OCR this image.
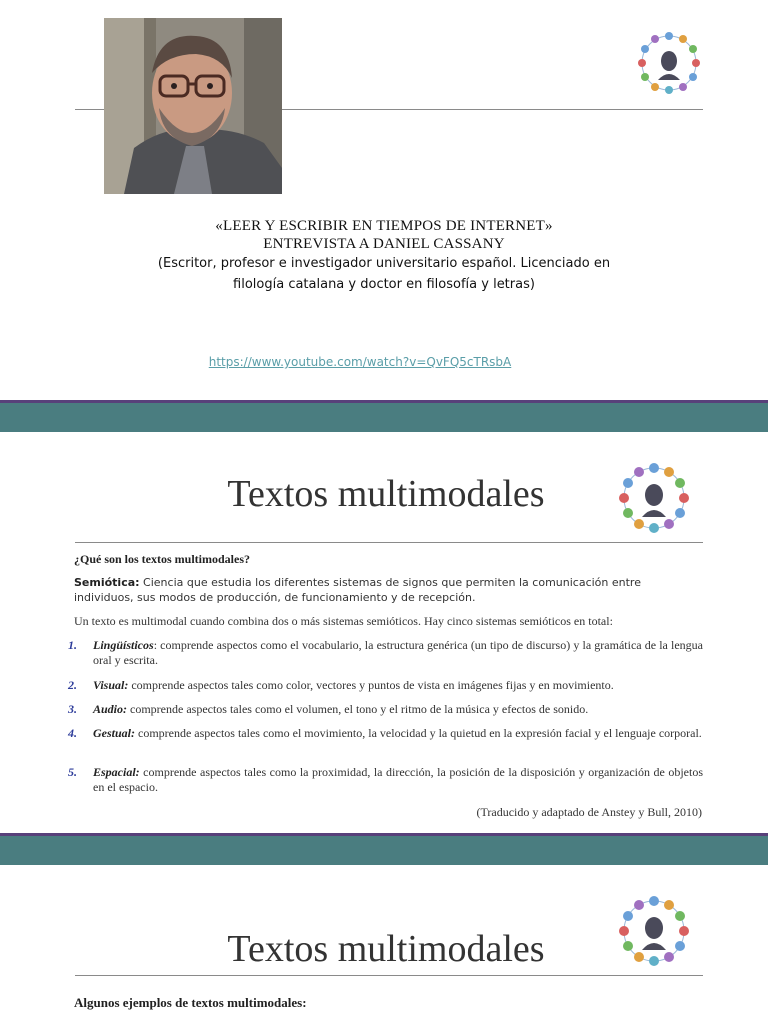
«LEER Y ESCRIBIR EN TIEMPOS DE INTERNET»
ENTREVISTA A DANIEL CASSANY
(Escritor, profesor e investigador universitario español. Licenciado en
filología catalana y doctor en filosofía y letras)
https://www.youtube.com/watch?v=QvFQ5cTRsbA
Textos multimodales
¿Qué son los textos multimodales?
Semiótica: Ciencia que estudia los diferentes sistemas de signos que permiten la comunicación entre individuos, sus modos de producción, de funcionamiento y de recepción.
Un texto es multimodal cuando combina dos o más sistemas semióticos. Hay cinco sistemas semióticos en total:
1.	Lingüísticos: comprende aspectos como el vocabulario, la estructura genérica (un tipo de discurso) y la gramática de la lengua oral y escrita.
2.	Visual: comprende aspectos tales como color, vectores y puntos de vista en imágenes fijas y en movimiento.
3.	Audio: comprende aspectos tales como el volumen, el tono y el ritmo de la música y efectos de sonido.
4.	Gestual: comprende aspectos tales como el movimiento, la velocidad y la quietud en la expresión facial y el lenguaje corporal.
5.	Espacial: comprende aspectos tales como la proximidad, la dirección, la posición de la disposición y organización de objetos en el espacio.
(Traducido y adaptado de Anstey y Bull, 2010)
Textos multimodales
Algunos ejemplos de textos multimodales:
